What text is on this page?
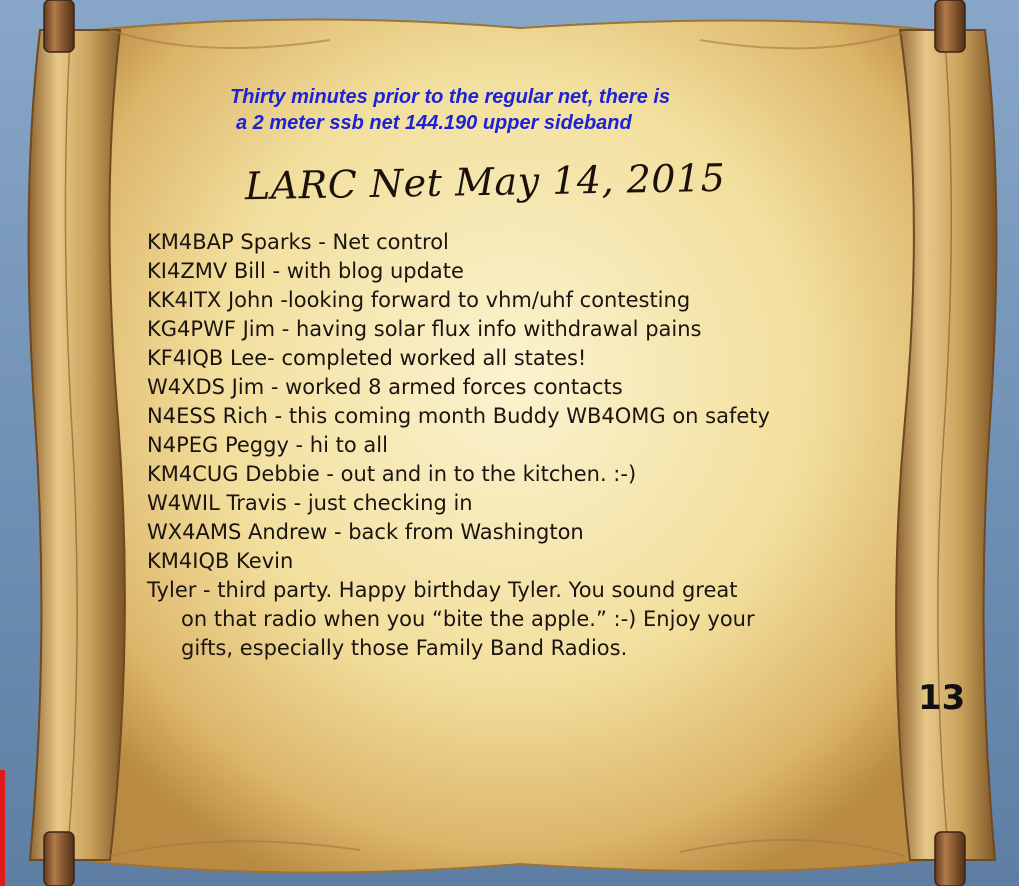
Thirty minutes prior to the regular net, there is
a 2 meter ssb net 144.190 upper sideband

LARC Net May 14, 2015
KM4BAP Sparks - Net control
KI4ZMV Bill - with blog update
KK4ITX John -looking forward to vhm/uhf contesting
KG4PWF Jim - having solar flux info withdrawal pains
KF4IQB Lee- completed worked all states!
W4XDS Jim - worked 8 armed forces contacts
N4ESS Rich - this coming month Buddy WB4OMG on safety
N4PEG Peggy - hi to all
KM4CUG Debbie - out and in to the kitchen. :-)
W4WIL Travis - just checking in
WX4AMS Andrew - back from Washington
KM4IQB Kevin
Tyler - third party. Happy birthday Tyler. You sound great
on that radio when you “bite the apple.” :-) Enjoy your
gifts, especially those Family Band Radios.

13
